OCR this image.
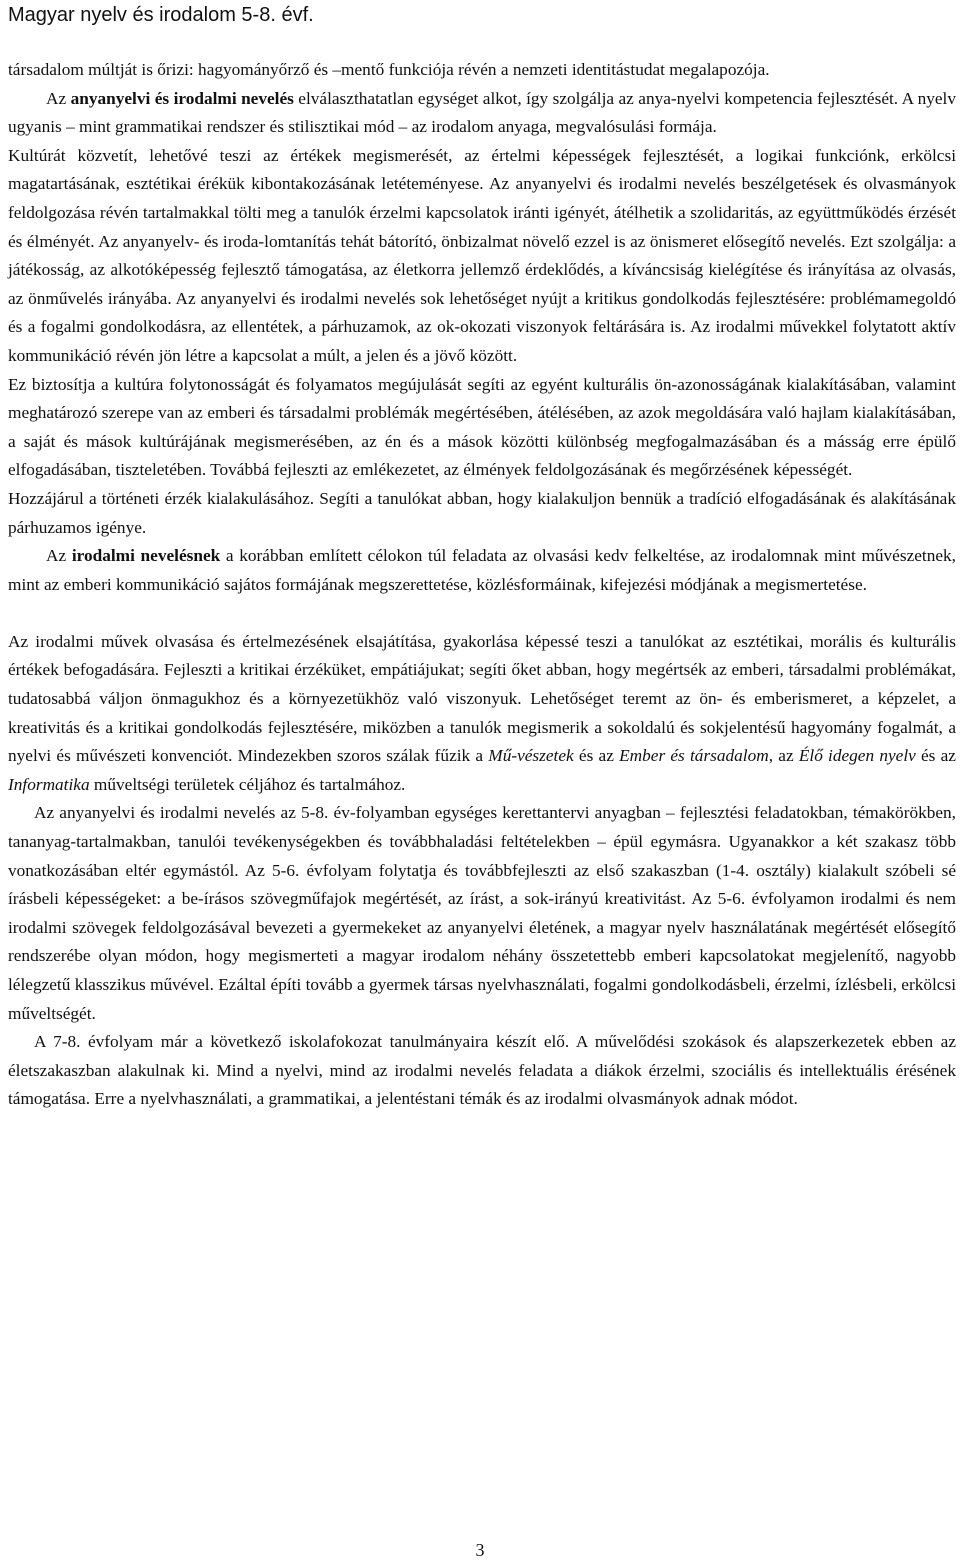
Magyar nyelv és irodalom 5-8. évf.

társadalom múltját is őrizi: hagyományőrző és –mentő funkciója révén a nemzeti identitástudat megalapozója.

Az anyanyelvi és irodalmi nevelés elválaszthatatlan egységet alkot, így szolgálja az anya-nyelvi kompetencia fejlesztését. A nyelv ugyanis – mint grammatikai rendszer és stilisztikai mód – az irodalom anyaga, megvalósulási formája.

Kultúrát közvetít, lehetővé teszi az értékek megismerését, az értelmi képességek fejlesztését, a logikai funkciónk, erkölcsi magatartásának, esztétikai érékük kibontakozásának letéteményese. Az anyanyelvi és irodalmi nevelés beszélgetések és olvasmányok feldolgozása révén tartalmakkal tölti meg a tanulók érzelmi kapcsolatok iránti igényét, átélhetik a szolidaritás, az együttműködés érzését és élményét. Az anyanyelv- és iroda-lomtanítás tehát bátorító, önbizalmat növelő ezzel is az önismeret elősegítő nevelés. Ezt szolgálja: a játékosság, az alkotóképesség fejlesztő támogatása, az életkorra jellemző érdeklődés, a kíváncsiság kielégítése és irányítása az olvasás, az önművelés irányába. Az anyanyelvi és irodalmi nevelés sok lehetőséget nyújt a kritikus gondolkodás fejlesztésére: problémamegoldó és a fogalmi gondolkodásra, az ellentétek, a párhuzamok, az ok-okozati viszonyok feltárására is. Az irodalmi művekkel folytatott aktív kommunikáció révén jön létre a kapcsolat a múlt, a jelen és a jövő között.

Ez biztosítja a kultúra folytonosságát és folyamatos megújulását segíti az egyént kulturális ön-azonosságának kialakításában, valamint meghatározó szerepe van az emberi és társadalmi problémák megértésében, átélésében, az azok megoldására való hajlam kialakításában, a saját és mások kultúrájának megismerésében, az én és a mások közötti különbség megfogalmazásában és a másság erre épülő elfogadásában, tiszteletében. Továbbá fejleszti az emlékezetet, az élmények feldolgozásának és megőrzésének képességét.

Hozzájárul a történeti érzék kialakulásához. Segíti a tanulókat abban, hogy kialakuljon bennük a tradíció elfogadásának és alakításának párhuzamos igénye.

Az irodalmi nevelésnek a korábban említett célokon túl feladata az olvasási kedv felkeltése, az irodalomnak mint művészetnek, mint az emberi kommunikáció sajátos formájának megszerettetése, közlésformáinak, kifejezési módjának a megismertetése.

Az irodalmi művek olvasása és értelmezésének elsajátítása, gyakorlása képessé teszi a tanulókat az esztétikai, morális és kulturális értékek befogadására. Fejleszti a kritikai érzéküket, empátiájukat; segíti őket abban, hogy megértsék az emberi, társadalmi problémákat, tudatosabbá váljon önmagukhoz és a környezetükhöz való viszonyuk. Lehetőséget teremt az ön- és emberismeret, a képzelet, a kreativitás és a kritikai gondolkodás fejlesztésére, miközben a tanulók megismerik a sokoldalú és sokjelentésű hagyomány fogalmát, a nyelvi és művészeti konvenciót. Mindezekben szoros szálak fűzik a Mű-vészetek és az Ember és társadalom, az Élő idegen nyelv és az Informatika műveltségi területek céljához és tartalmához.

Az anyanyelvi és irodalmi nevelés az 5-8. év-folyamban egységes kerettantervi anyagban – fejlesztési feladatokban, témakörökben, tananyag-tartalmakban, tanulói tevékenységekben és továbbhaladási feltételekben – épül egymásra. Ugyanakkor a két szakasz több vonatkozásában eltér egymástól. Az 5-6. évfolyam folytatja és továbbfejleszti az első szakaszban (1-4. osztály) kialakult szóbeli sé írásbeli képességeket: a be-írásos szövegműfajok megértését, az írást, a sok-irányú kreativitást. Az 5-6. évfolyamon irodalmi és nem irodalmi szövegek feldolgozásával bevezeti a gyermekeket az anyanyelvi életének, a magyar nyelv használatának megértését elősegítő rendszerébe olyan módon, hogy megismerteti a magyar irodalom néhány összetettebb emberi kapcsolatokat megjelenítő, nagyobb lélegzetű klasszikus művével. Ezáltal építi tovább a gyermek társas nyelvhasználati, fogalmi gondolkodásbeli, érzelmi, ízlésbeli, erkölcsi műveltségét.

A 7-8. évfolyam már a következő iskolafokozat tanulmányaira készít elő. A művelődési szokások és alapszerkezetek ebben az életszakaszban alakulnak ki. Mind a nyelvi, mind az irodalmi nevelés feladata a diákok érzelmi, szociális és intellektuális érésének támogatása. Erre a nyelvhasználati, a grammatikai, a jelentéstani témák és az irodalmi olvasmányok adnak módot.

3
